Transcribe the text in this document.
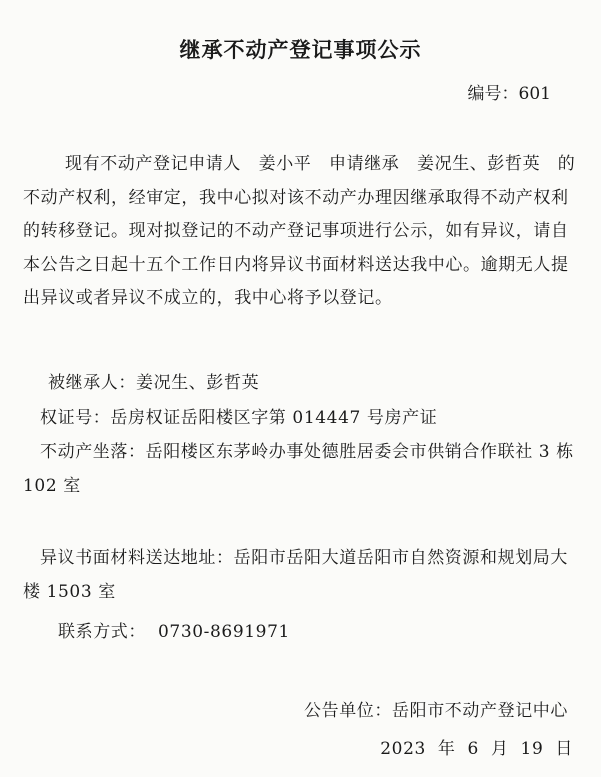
继承不动产登记事项公示
编号：601
现有不动产登记申请人　姜小平　申请继承　姜况生、彭哲英　的不动产权利，经审定，我中心拟对该不动产办理因继承取得不动产权利的转移登记。现对拟登记的不动产登记事项进行公示，如有异议，请自本公告之日起十五个工作日内将异议书面材料送达我中心。逾期无人提出异议或者异议不成立的，我中心将予以登记。
被继承人：姜况生、彭哲英
权证号：岳房权证岳阳楼区字第 014447 号房产证
不动产坐落：岳阳楼区东茅岭办事处德胜居委会市供销合作联社 3 栋 102 室
异议书面材料送达地址：岳阳市岳阳大道岳阳市自然资源和规划局大楼 1503 室
联系方式： 0730-8691971
公告单位：岳阳市不动产登记中心
2023 年 6 月 19 日
